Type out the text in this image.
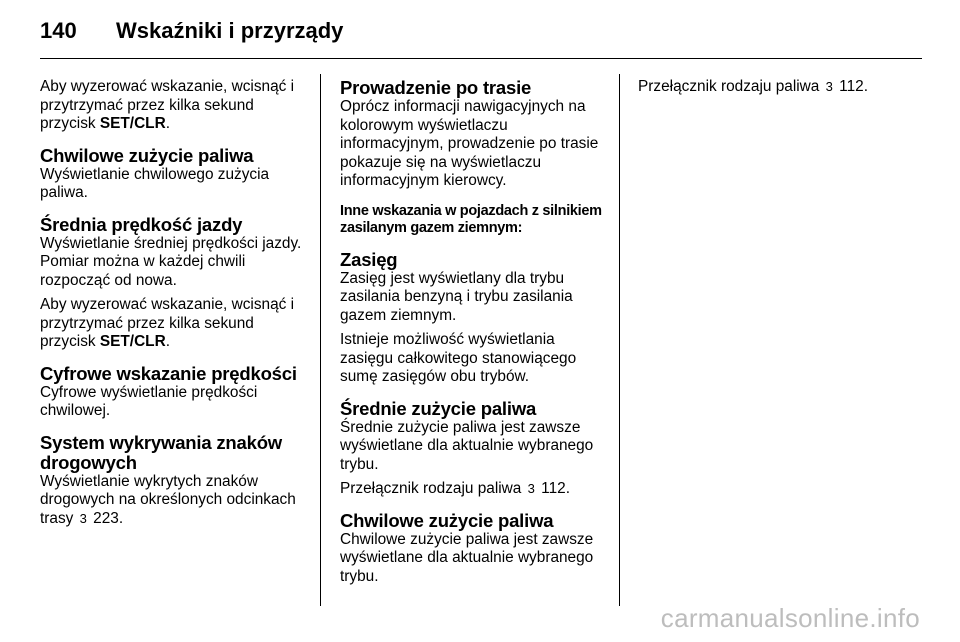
140	Wskaźniki i przyrządy

Aby wyzerować wskazanie, wcisnąć i przytrzymać przez kilka sekund przycisk SET/CLR.

Chwilowe zużycie paliwa

Wyświetlanie chwilowego zużycia paliwa.

Średnia prędkość jazdy

Wyświetlanie średniej prędkości jazdy. Pomiar można w każdej chwili rozpocząć od nowa.

Aby wyzerować wskazanie, wcisnąć i przytrzymać przez kilka sekund przycisk SET/CLR.

Cyfrowe wskazanie prędkości

Cyfrowe wyświetlanie prędkości chwilowej.

System wykrywania znaków drogowych

Wyświetlanie wykrytych znaków drogowych na określonych odcinkach trasy 3 223.

Prowadzenie po trasie

Oprócz informacji nawigacyjnych na kolorowym wyświetlaczu informacyjnym, prowadzenie po trasie pokazuje się na wyświetlaczu informacyjnym kierowcy.

Inne wskazania w pojazdach z silnikiem zasilanym gazem ziemnym:
Zasięg

Zasięg jest wyświetlany dla trybu zasilania benzyną i trybu zasilania gazem ziemnym.

Istnieje możliwość wyświetlania zasięgu całkowitego stanowiącego sumę zasięgów obu trybów.

Średnie zużycie paliwa

Średnie zużycie paliwa jest zawsze wyświetlane dla aktualnie wybranego trybu.

Przełącznik rodzaju paliwa 3 112.

Chwilowe zużycie paliwa

Chwilowe zużycie paliwa jest zawsze wyświetlane dla aktualnie wybranego trybu.

Przełącznik rodzaju paliwa 3 112.

carmanualsonline.info
